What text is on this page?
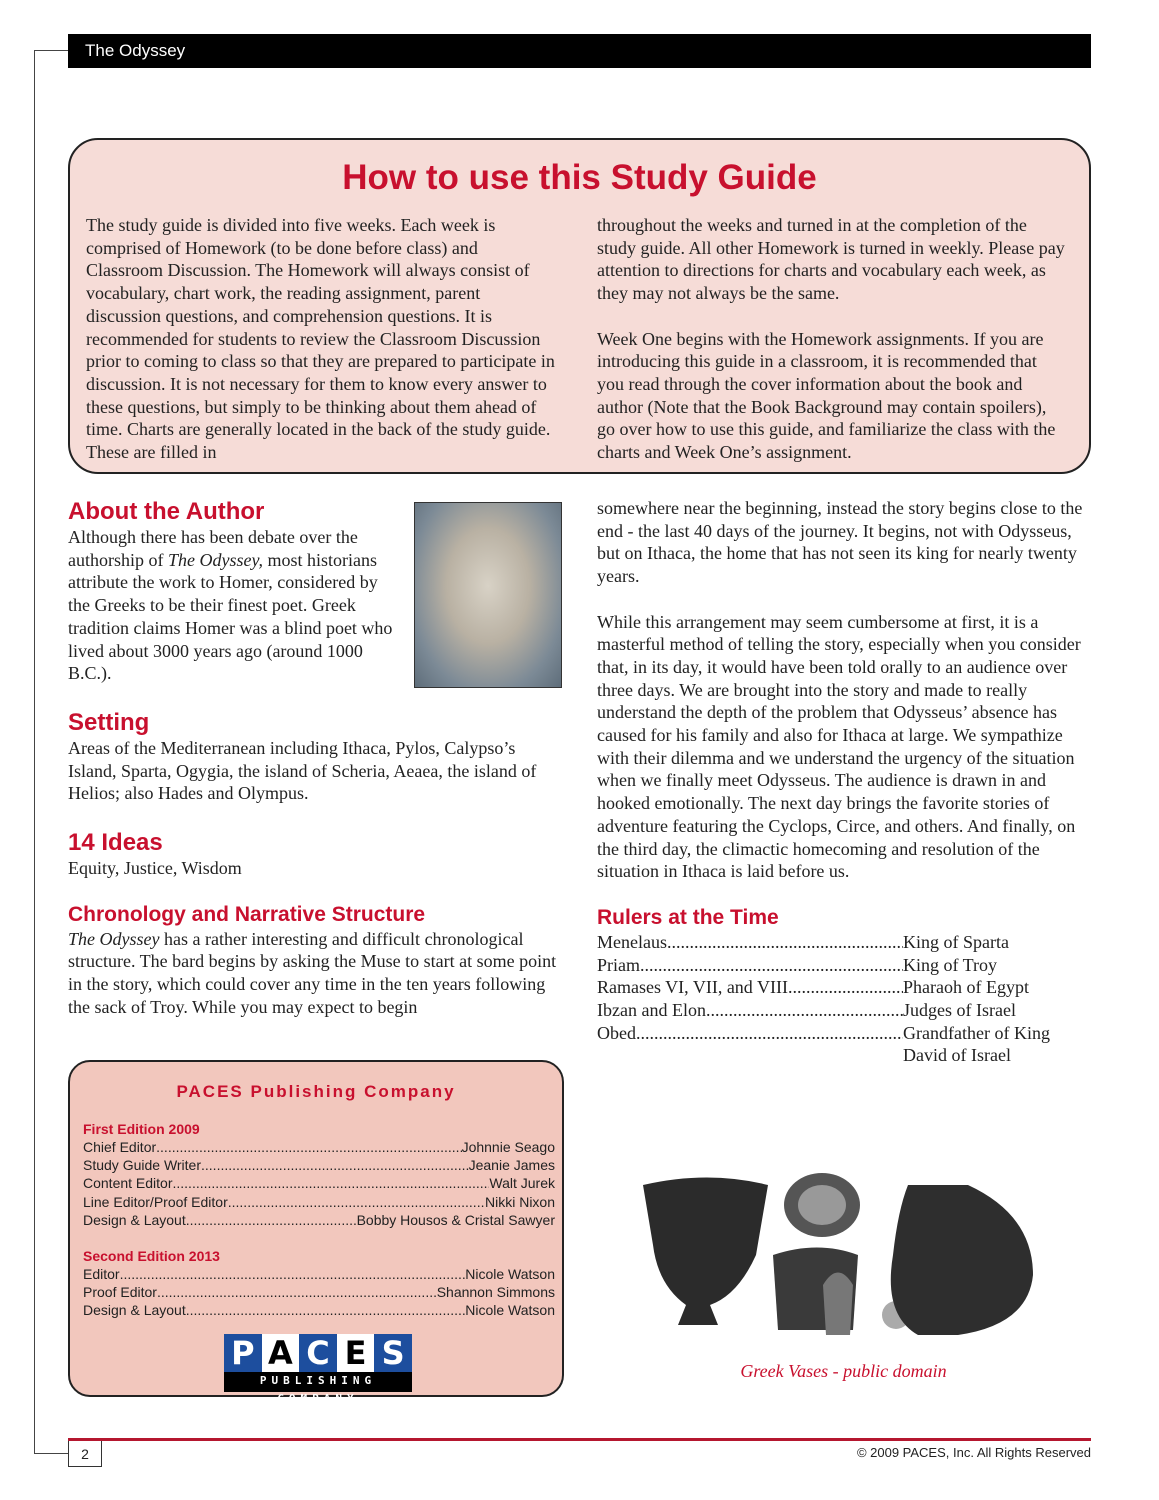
The Odyssey
How to use this Study Guide

The study guide is divided into five weeks. Each week is comprised of Homework (to be done before class) and Classroom Discussion. The Homework will always consist of vocabulary, chart work, the reading assignment, parent discussion questions, and comprehension questions. It is recommended for students to review the Classroom Discussion prior to coming to class so that they are prepared to participate in discussion. It is not necessary for them to know every answer to these questions, but simply to be thinking about them ahead of time. Charts are generally located in the back of the study guide. These are filled in

throughout the weeks and turned in at the completion of the study guide. All other Homework is turned in weekly. Please pay attention to directions for charts and vocabulary each week, as they may not always be the same.

Week One begins with the Homework assignments. If you are introducing this guide in a classroom, it is recommended that you read through the cover information about the book and author (Note that the Book Background may contain spoilers), go over how to use this guide, and familiarize the class with the charts and Week One’s assignment.

About the Author

Although there has been debate over the authorship of The Odyssey, most historians attribute the work to Homer, considered by the Greeks to be their finest poet. Greek tradition claims Homer was a blind poet who lived about 3000 years ago (around 1000 B.C.).

Setting

Areas of the Mediterranean including Ithaca, Pylos, Calypso’s Island, Sparta, Ogygia, the island of Scheria, Aeaea, the island of Helios; also Hades and Olympus.

14 Ideas

Equity, Justice, Wisdom

Chronology and Narrative Structure

The Odyssey has a rather interesting and difficult chronological structure. The bard begins by asking the Muse to start at some point in the story, which could cover any time in the ten years following the sack of Troy. While you may expect to begin

somewhere near the beginning, instead the story begins close to the end - the last 40 days of the journey. It begins, not with Odysseus, but on Ithaca, the home that has not seen its king for nearly twenty years.

While this arrangement may seem cumbersome at first, it is a masterful method of telling the story, especially when you consider that, in its day, it would have been told orally to an audience over three days. We are brought into the story and made to really understand the depth of the problem that Odysseus’ absence has caused for his family and also for Ithaca at large. We sympathize with their dilemma and we understand the urgency of the situation when we finally meet Odysseus. The audience is drawn in and hooked emotionally. The next day brings the favorite stories of adventure featuring the Cyclops, Circe, and others. And finally, on the third day, the climactic homecoming and resolution of the situation in Ithaca is laid before us.

Rulers at the Time
Menelaus .....	King of Sparta
Priam .....	King of Troy
Ramases VI, VII, and VIII .....	Pharaoh of Egypt
Ibzan and Elon .....	Judges of Israel
Obed .....	Grandfather of King David of Israel
PACES Publishing Company
First Edition 2009
Chief Editor .....	Johnnie Seago
Study Guide Writer .....	Jeanie James
Content Editor .....	Walt Jurek
Line Editor/Proof Editor .....	Nikki Nixon
Design & Layout .....	Bobby Housos & Cristal Sawyer
Second Edition 2013
Editor .....	Nicole Watson
Proof Editor .....	Shannon Simmons
Design & Layout .....	Nicole Watson
P A C E S
PUBLISHING COMPANY
Greek Vases - public domain
2	© 2009 PACES, Inc. All Rights Reserved
